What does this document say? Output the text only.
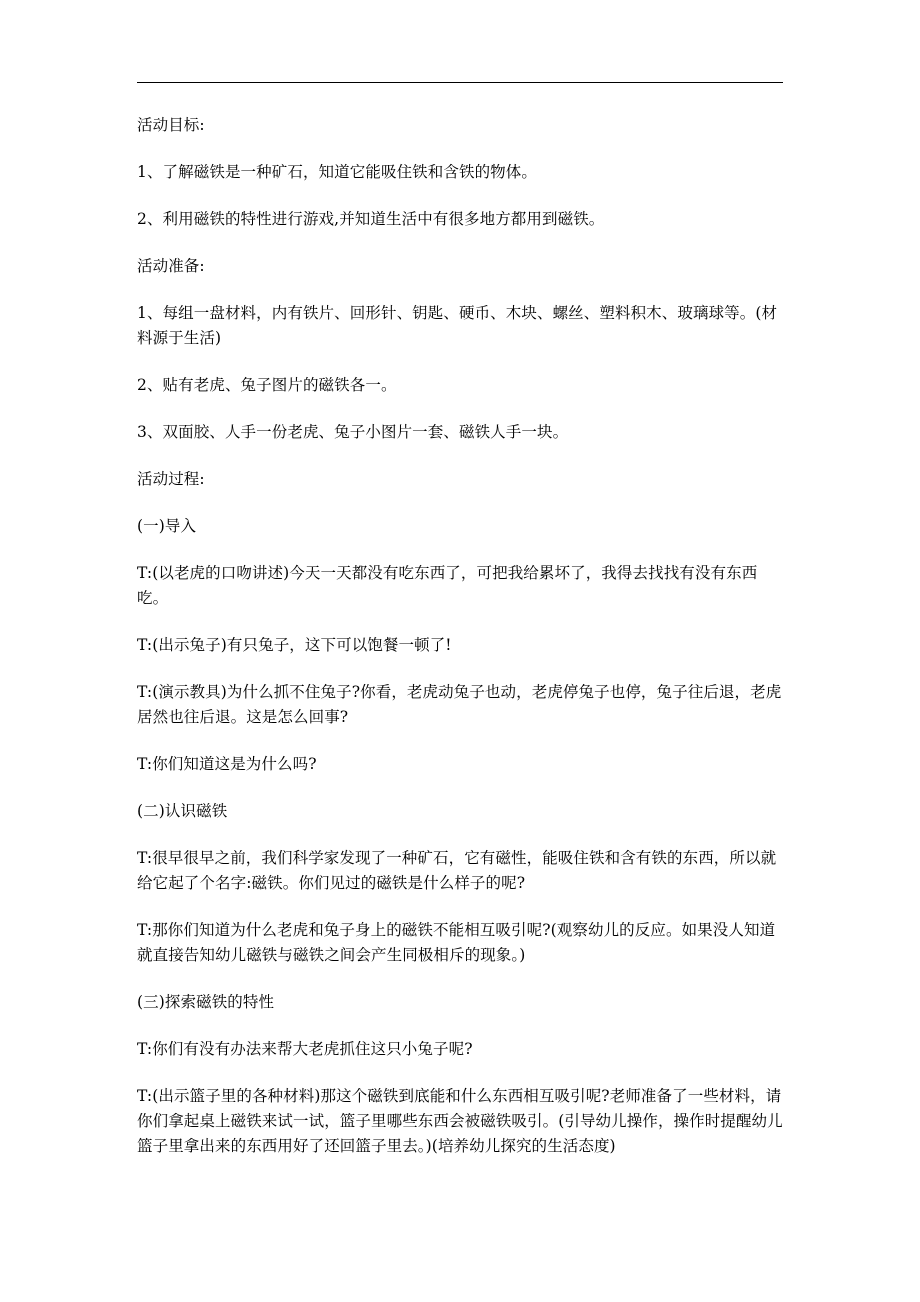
活动目标:

1、了解磁铁是一种矿石，知道它能吸住铁和含铁的物体。

2、利用磁铁的特性进行游戏,并知道生活中有很多地方都用到磁铁。

活动准备:

1、每组一盘材料，内有铁片、回形针、钥匙、硬币、木块、螺丝、塑料积木、玻璃球等。(材料源于生活)

2、贴有老虎、兔子图片的磁铁各一。

3、双面胶、人手一份老虎、兔子小图片一套、磁铁人手一块。

活动过程:

(一)导入

T:(以老虎的口吻讲述)今天一天都没有吃东西了，可把我给累坏了，我得去找找有没有东西吃。

T:(出示兔子)有只兔子，这下可以饱餐一顿了!

T:(演示教具)为什么抓不住兔子?你看，老虎动兔子也动，老虎停兔子也停，兔子往后退，老虎居然也往后退。这是怎么回事?

T:你们知道这是为什么吗?

(二)认识磁铁

T:很早很早之前，我们科学家发现了一种矿石，它有磁性，能吸住铁和含有铁的东西，所以就给它起了个名字:磁铁。你们见过的磁铁是什么样子的呢?

T:那你们知道为什么老虎和兔子身上的磁铁不能相互吸引呢?(观察幼儿的反应。如果没人知道就直接告知幼儿磁铁与磁铁之间会产生同极相斥的现象。)

(三)探索磁铁的特性

T:你们有没有办法来帮大老虎抓住这只小兔子呢?

T:(出示篮子里的各种材料)那这个磁铁到底能和什么东西相互吸引呢?老师准备了一些材料，请你们拿起桌上磁铁来试一试，篮子里哪些东西会被磁铁吸引。(引导幼儿操作，操作时提醒幼儿篮子里拿出来的东西用好了还回篮子里去。)(培养幼儿探究的生活态度)
